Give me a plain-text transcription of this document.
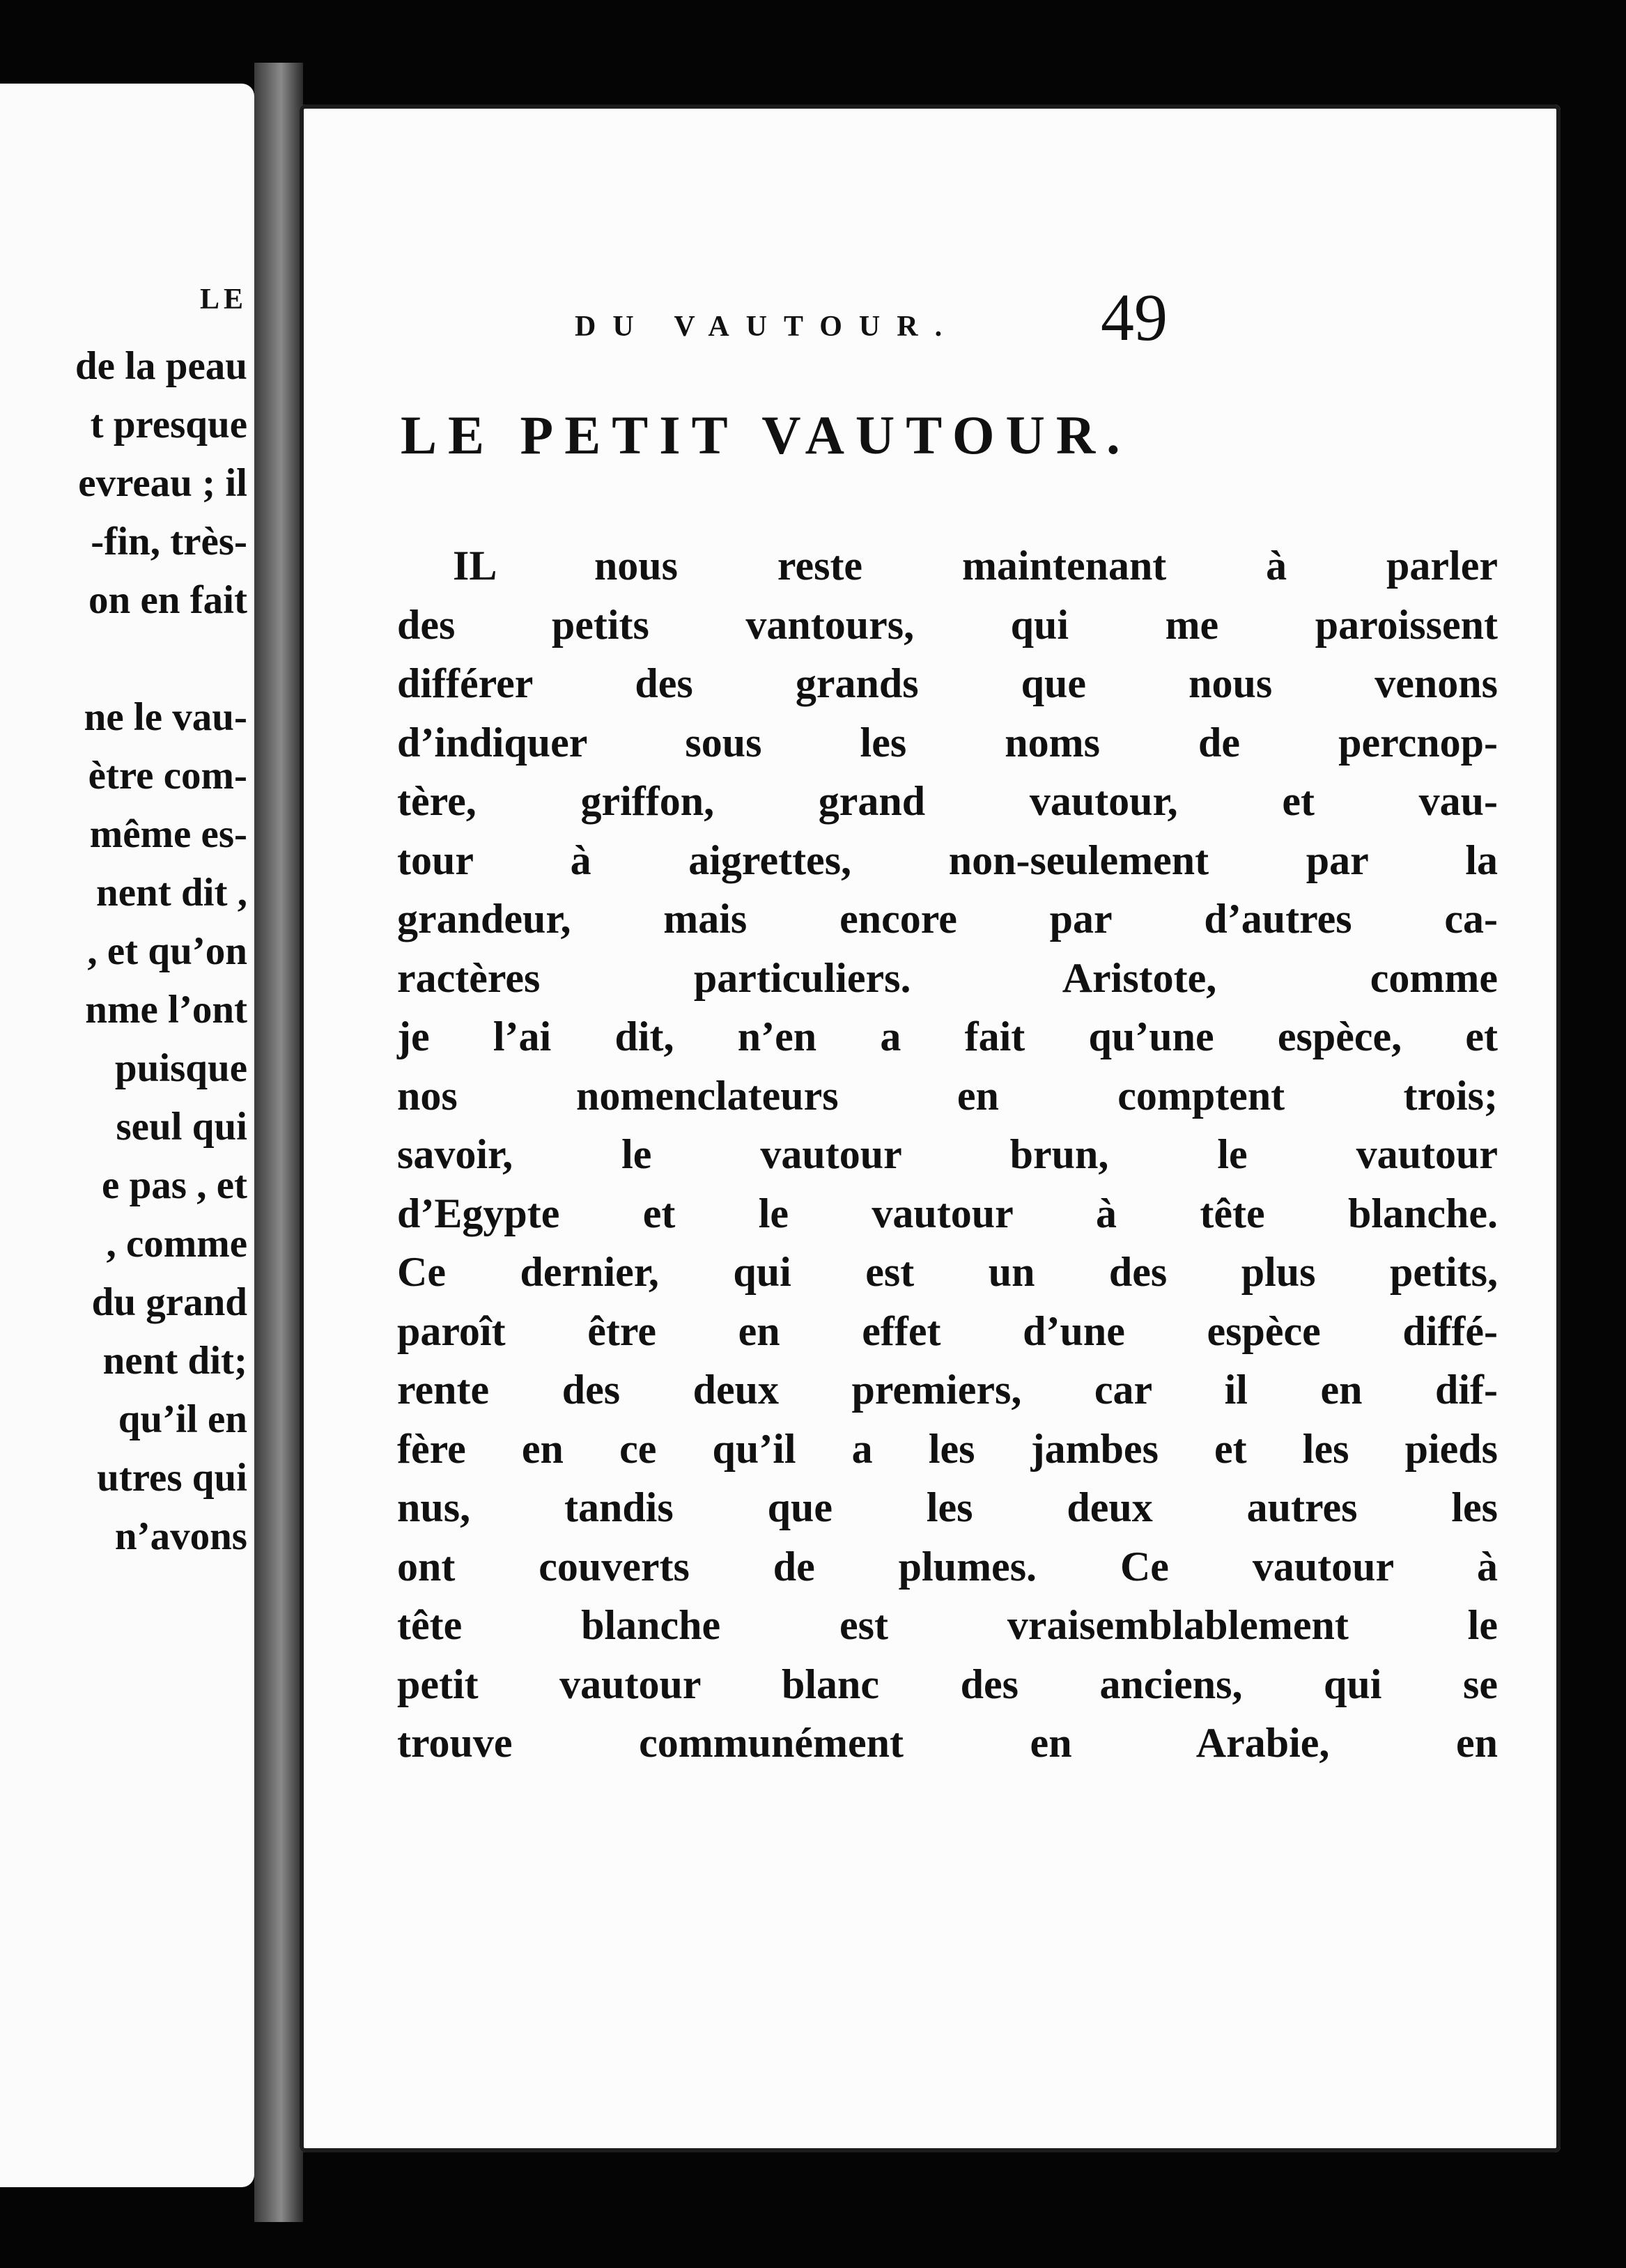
LE
de la peau
t presque
evreau ; il
-fin, très-
on en fait

ne le vau-
ètre com-
même es-
nent dit ,
, et qu’on
nme l’ont
puisque
seul qui
e pas , et
, comme
du grand
nent dit;
qu’il en
utres qui
n’avons
DU VAUTOUR. 49
LE PETIT VAUTOUR.
IL nous reste maintenant à parler
des petits vantours, qui me paroissent
différer des grands que nous venons
d’indiquer sous les noms de percnop-
tère, griffon, grand vautour, et vau-
tour à aigrettes, non-seulement par la
grandeur, mais encore par d’autres ca-
ractères particuliers. Aristote, comme
je l’ai dit, n’en a fait qu’une espèce, et
nos nomenclateurs en comptent trois;
savoir, le vautour brun, le vautour
d’Egypte et le vautour à tête blanche.
Ce dernier, qui est un des plus petits,
paroît être en effet d’une espèce diffé-
rente des deux premiers, car il en dif-
fère en ce qu’il a les jambes et les pieds
nus, tandis que les deux autres les
ont couverts de plumes. Ce vautour à
tête blanche est vraisemblablement le
petit vautour blanc des anciens, qui se
trouve communément en Arabie, en
